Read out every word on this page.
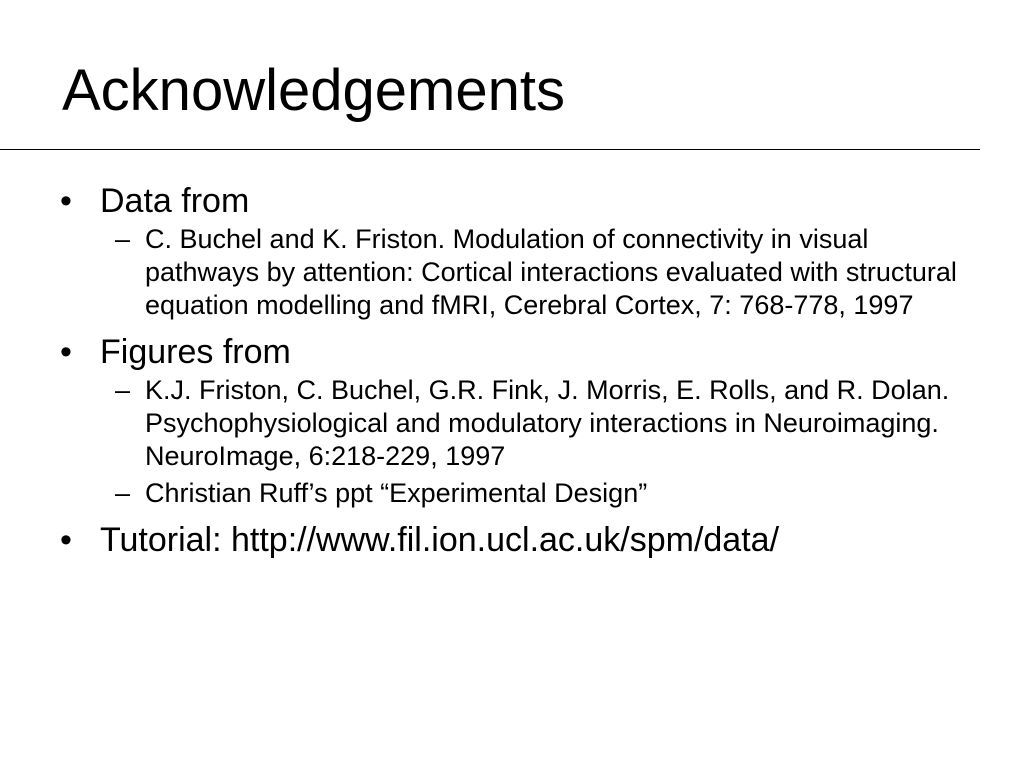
Acknowledgements
• Data from
– C. Buchel and K. Friston. Modulation of connectivity in visual pathways by attention: Cortical interactions evaluated with structural equation modelling and fMRI, Cerebral Cortex, 7: 768-778, 1997
• Figures from
– K.J. Friston, C. Buchel, G.R. Fink, J. Morris, E. Rolls, and R. Dolan. Psychophysiological and modulatory interactions in Neuroimaging. NeuroImage, 6:218-229, 1997
– Christian Ruff’s ppt “Experimental Design”
• Tutorial: http://www.fil.ion.ucl.ac.uk/spm/data/
